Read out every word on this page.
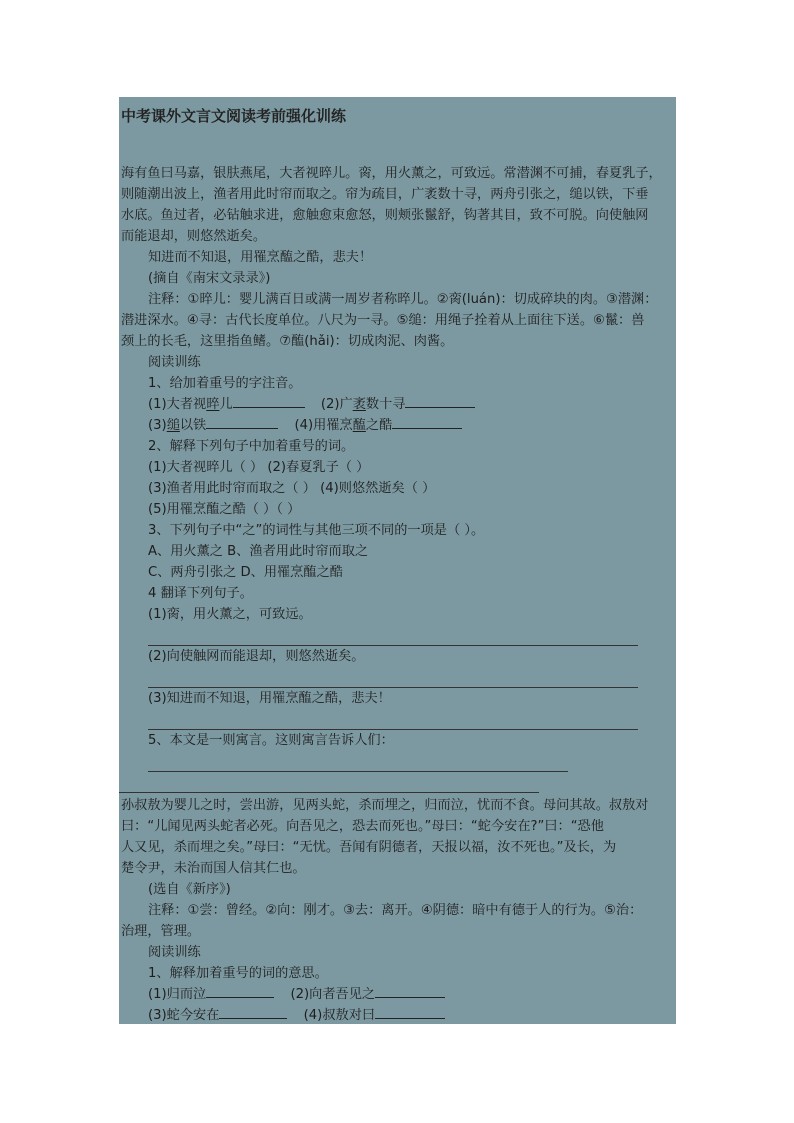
中考课外文言文阅读考前强化训练
海有鱼曰马嘉，银肤燕尾，大者视晬儿。脔，用火薰之，可致远。常潜渊不可捕，春夏乳子，
则随潮出波上，渔者用此时帘而取之。帘为疏目，广袤数十寻，两舟引张之，缒以铁，下垂
水底。鱼过者，必钻触求进，愈触愈束愈怒，则颊张鬣舒，钩著其目，致不可脱。向使触网
而能退却，则悠然逝矣。
知进而不知退，用罹烹醢之酷，悲夫！
(摘自《南宋文录录》)
注释：①晬儿：婴儿满百日或满一周岁者称晬儿。②脔(luán)：切成碎块的肉。③潜渊：
潜进深水。④寻：古代长度单位。八尺为一寻。⑤缒：用绳子拴着从上面往下送。⑥鬣：兽
颈上的长毛，这里指鱼鳍。⑦醢(hǎi)：切成肉泥、肉酱。
阅读训练
1、给加着重号的字注音。
(1)大者视晬儿	(2)广袤数十寻
(3)缒以铁	(4)用罹烹醢之酷
2、解释下列句子中加着重号的词。
(1)大者视晬儿（ ） (2)春夏乳子（ ）
(3)渔者用此时帘而取之（ ） (4)则悠然逝矣（ ）
(5)用罹烹醢之酷（ ）（ ）
3、下列句子中“之”的词性与其他三项不同的一项是（ ）。
A、用火薰之 B、渔者用此时帘而取之
C、两舟引张之 D、用罹烹醢之酷
4 翻译下列句子。
(1)脔，用火薰之，可致远。
(2)向使触网而能退却，则悠然逝矣。
(3)知进而不知退，用罹烹醢之酷，悲夫！
5、本文是一则寓言。这则寓言告诉人们：
孙叔敖为婴儿之时，尝出游，见两头蛇，杀而埋之，归而泣，忧而不食。母问其故。叔敖对
曰：“儿闻见两头蛇者必死。向吾见之，恐去而死也。”母曰：“蛇今安在?”曰：“恐他
人又见，杀而埋之矣。”母曰：“无忧。吾闻有阴德者，天报以福，汝不死也。”及长，为
楚令尹，未治而国人信其仁也。
(选自《新序》)
注释：①尝：曾经。②向：刚才。③去：离开。④阴德：暗中有德于人的行为。⑤治：
治理，管理。
阅读训练
1、解释加着重号的词的意思。
(1)归而泣	(2)向者吾见之
(3)蛇今安在	(4)叔敖对曰
